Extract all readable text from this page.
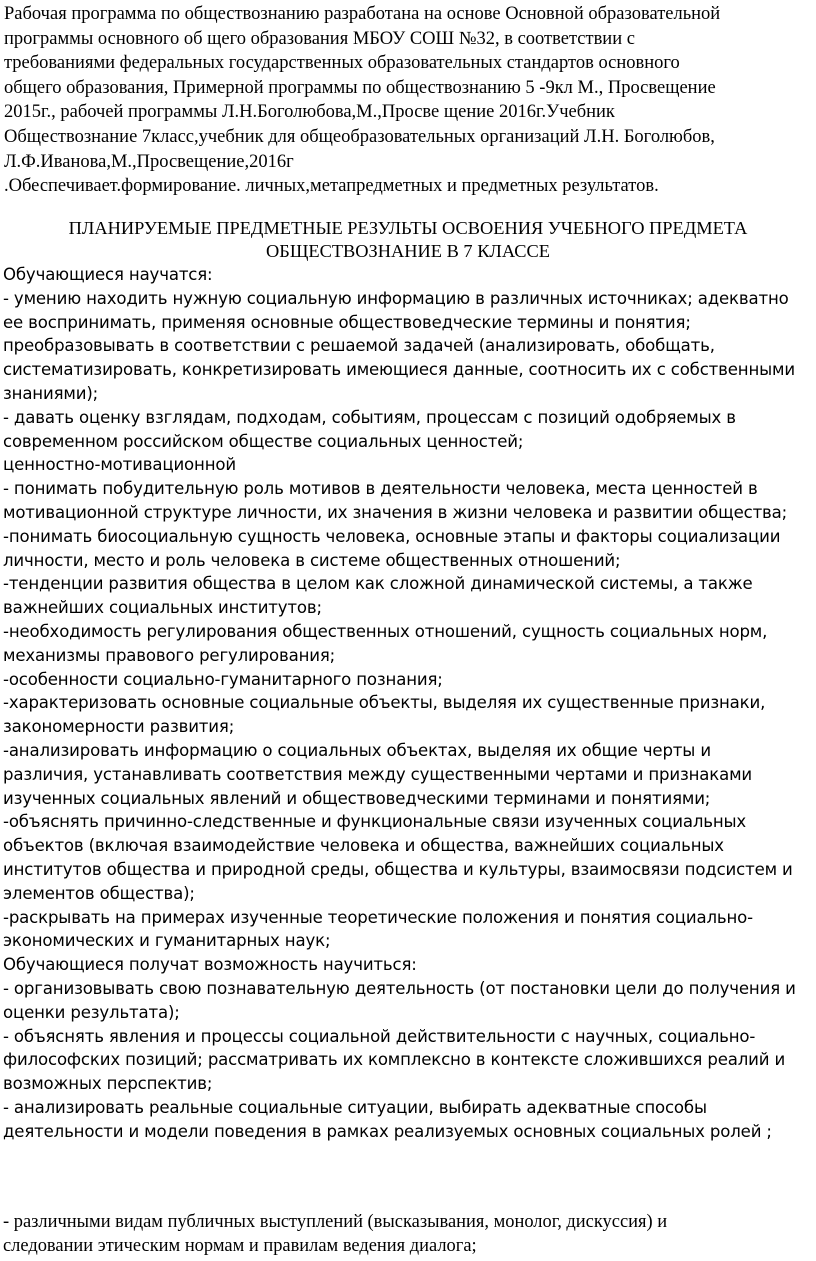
Рабочая программа по обществознанию разработана на основе Основной образовательной
программы основного об щего образования МБОУ СОШ №32, в соответствии с
требованиями федеральных государственных образовательных стандартов основного
общего образования, Примерной программы по обществознанию 5 -9кл М., Просвещение
2015г., рабочей программы Л.Н.Боголюбова,М.,Просве щение 2016г.Учебник
Обществознание 7класс,учебник для общеобразовательных организаций Л.Н. Боголюбов,
Л.Ф.Иванова,М.,Просвещение,2016г
.Обеспечивает.формирование. личных,метапредметных и предметных результатов.
ПЛАНИРУЕМЫЕ ПРЕДМЕТНЫЕ РЕЗУЛЬТЫ ОСВОЕНИЯ УЧЕБНОГО ПРЕДМЕТА
ОБЩЕСТВОЗНАНИЕ В 7 КЛАССЕ
Обучающиеся научатся:
- умению находить нужную социальную информацию в различных источниках; адекватно
ее воспринимать, применяя основные обществоведческие термины и понятия;
преобразовывать в соответствии с решаемой задачей (анализировать, обобщать,
систематизировать, конкретизировать имеющиеся данные, соотносить их с собственными
знаниями);
- давать оценку взглядам, подходам, событиям, процессам с позиций одобряемых в
современном российском обществе социальных ценностей;
ценностно-мотивационной
- понимать побудительную роль мотивов в деятельности человека, места ценностей в
мотивационной структуре личности, их значения в жизни человека и развитии общества;
-понимать биосоциальную сущность человека, основные этапы и факторы социализации
личности, место и роль человека в системе общественных отношений;
-тенденции развития общества в целом как сложной динамической системы, а также
важнейших социальных институтов;
-необходимость регулирования общественных отношений, сущность социальных норм,
механизмы правового регулирования;
-особенности социально-гуманитарного познания;
-характеризовать основные социальные объекты, выделяя их существенные признаки,
закономерности развития;
-анализировать информацию о социальных объектах, выделяя их общие черты и
различия, устанавливать соответствия между существенными чертами и признаками
изученных социальных явлений и обществоведческими терминами и понятиями;
-объяснять причинно-следственные и функциональные связи изученных социальных
объектов (включая взаимодействие человека и общества, важнейших социальных
институтов общества и природной среды, общества и культуры, взаимосвязи подсистем и
элементов общества);
-раскрывать на примерах изученные теоретические положения и понятия социально-
экономических и гуманитарных наук;
Обучающиеся получат возможность научиться:
- организовывать свою познавательную деятельность (от постановки цели до получения и
оценки результата);
- объяснять явления и процессы социальной действительности с научных, социально-
философских позиций; рассматривать их комплексно в контексте сложившихся реалий и
возможных перспектив;
- анализировать реальные социальные ситуации, выбирать адекватные способы
деятельности и модели поведения в рамках реализуемых основных социальных ролей ;
- различными видам публичных выступлений (высказывания, монолог, дискуссия) и
следовании этическим нормам и правилам ведения диалога;
